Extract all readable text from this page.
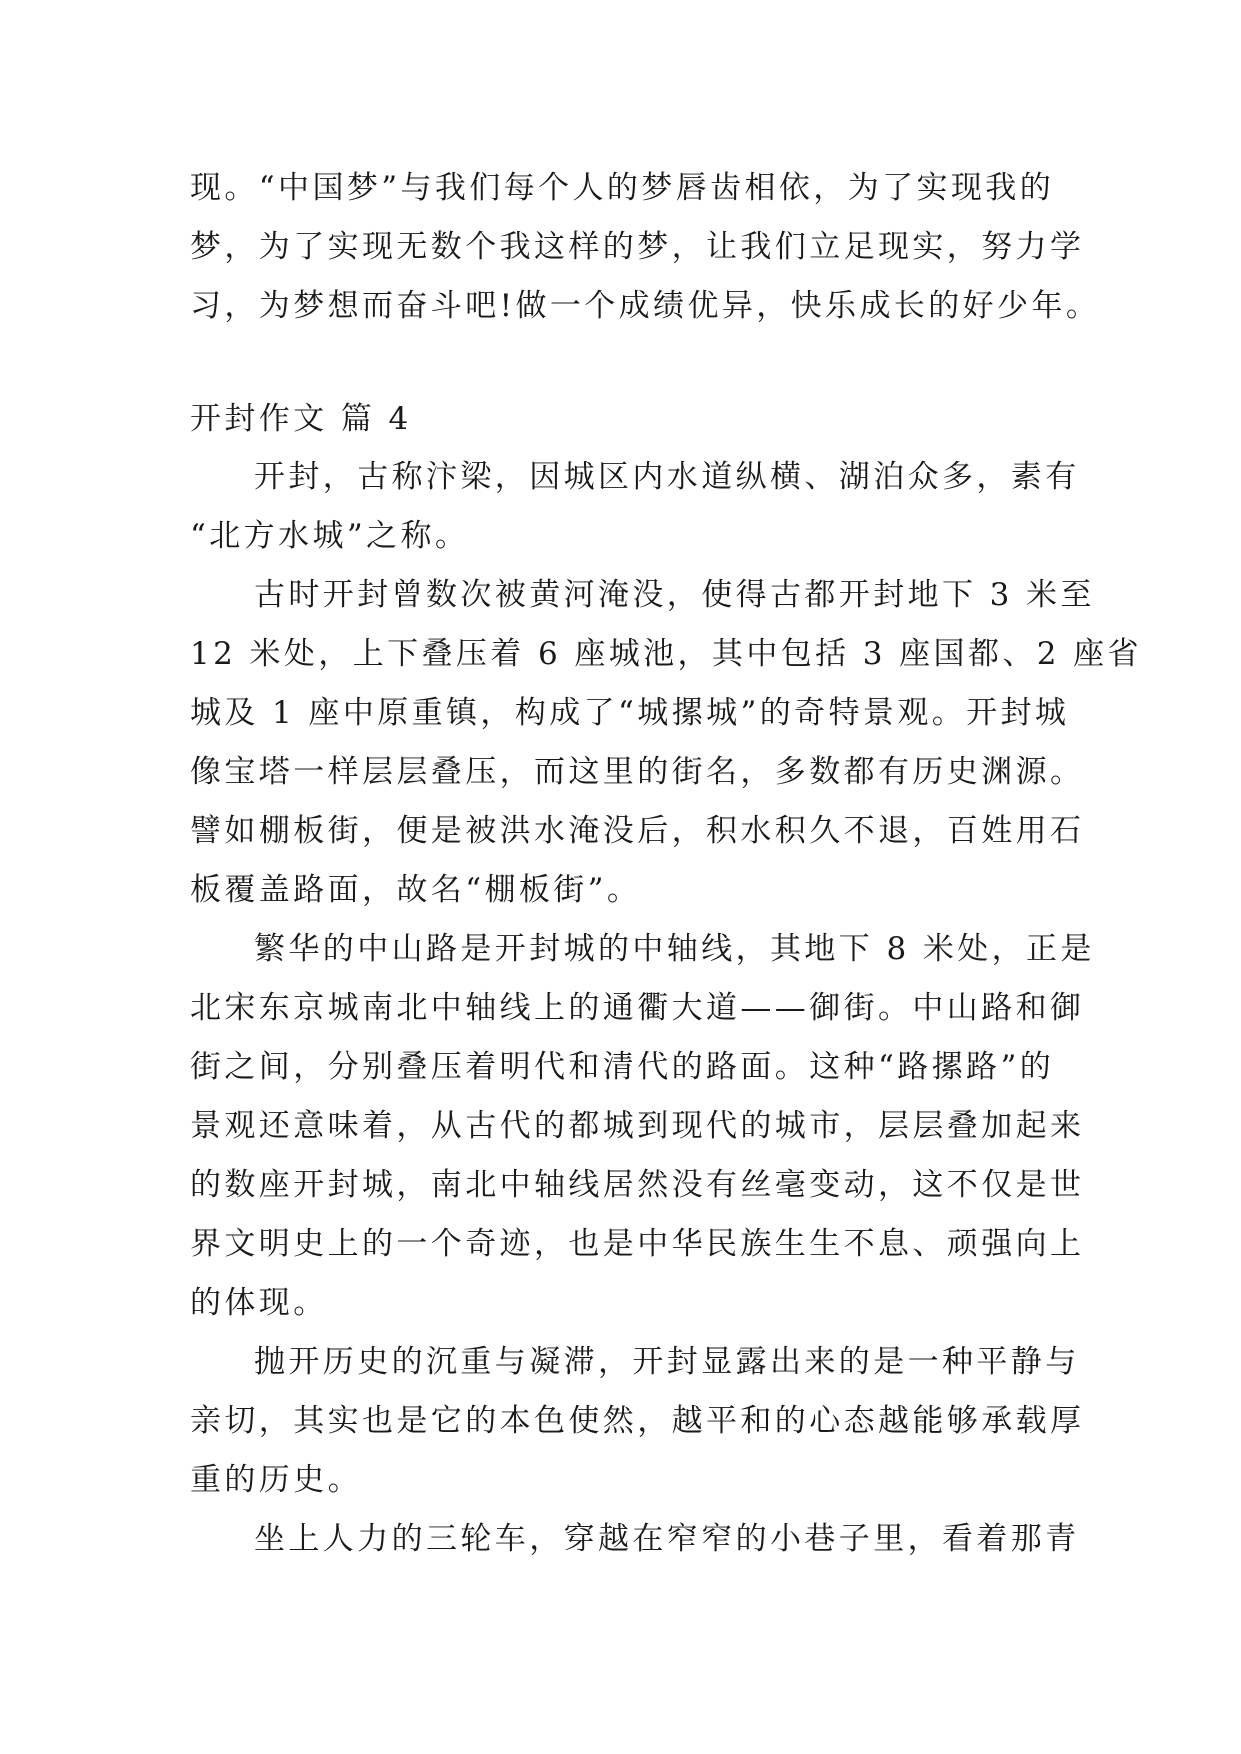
现。“中国梦”与我们每个人的梦唇齿相依，为了实现我的
梦，为了实现无数个我这样的梦，让我们立足现实，努力学
习，为梦想而奋斗吧!做一个成绩优异，快乐成长的好少年。
开封作文 篇 4
开封，古称汴梁，因城区内水道纵横、湖泊众多，素有
“北方水城”之称。
古时开封曾数次被黄河淹没，使得古都开封地下 3 米至
12 米处，上下叠压着 6 座城池，其中包括 3 座国都、2 座省
城及 1 座中原重镇，构成了“城摞城”的奇特景观。开封城
像宝塔一样层层叠压，而这里的街名，多数都有历史渊源。
譬如棚板街，便是被洪水淹没后，积水积久不退，百姓用石
板覆盖路面，故名“棚板街”。
繁华的中山路是开封城的中轴线，其地下 8 米处，正是
北宋东京城南北中轴线上的通衢大道——御街。中山路和御
街之间，分别叠压着明代和清代的路面。这种“路摞路”的
景观还意味着，从古代的都城到现代的城市，层层叠加起来
的数座开封城，南北中轴线居然没有丝毫变动，这不仅是世
界文明史上的一个奇迹，也是中华民族生生不息、顽强向上
的体现。
抛开历史的沉重与凝滞，开封显露出来的是一种平静与
亲切，其实也是它的本色使然，越平和的心态越能够承载厚
重的历史。
坐上人力的三轮车，穿越在窄窄的小巷子里，看着那青
